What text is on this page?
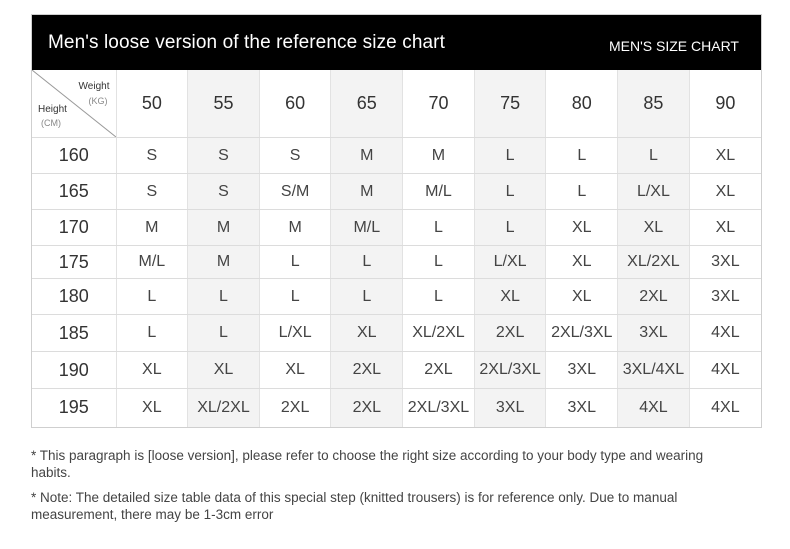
Men's loose version of the reference size chart	MEN'S SIZE CHART
Weight
(KG)
Height
(CM)	50	55	60	65	70	75	80	85	90
160	S	S	S	M	M	L	L	L	XL
165	S	S	S/M	M	M/L	L	L	L/XL	XL
170	M	M	M	M/L	L	L	XL	XL	XL
175	M/L	M	L	L	L	L/XL	XL	XL/2XL	3XL
180	L	L	L	L	L	XL	XL	2XL	3XL
185	L	L	L/XL	XL	XL/2XL	2XL	2XL/3XL	3XL	4XL
190	XL	XL	XL	2XL	2XL	2XL/3XL	3XL	3XL/4XL	4XL
195	XL	XL/2XL	2XL	2XL	2XL/3XL	3XL	3XL	4XL	4XL

* This paragraph is [loose version], please refer to choose the right size according to your body type and wearing habits.

* Note: The detailed size table data of this special step (knitted trousers) is for reference only. Due to manual measurement, there may be 1-3cm error
